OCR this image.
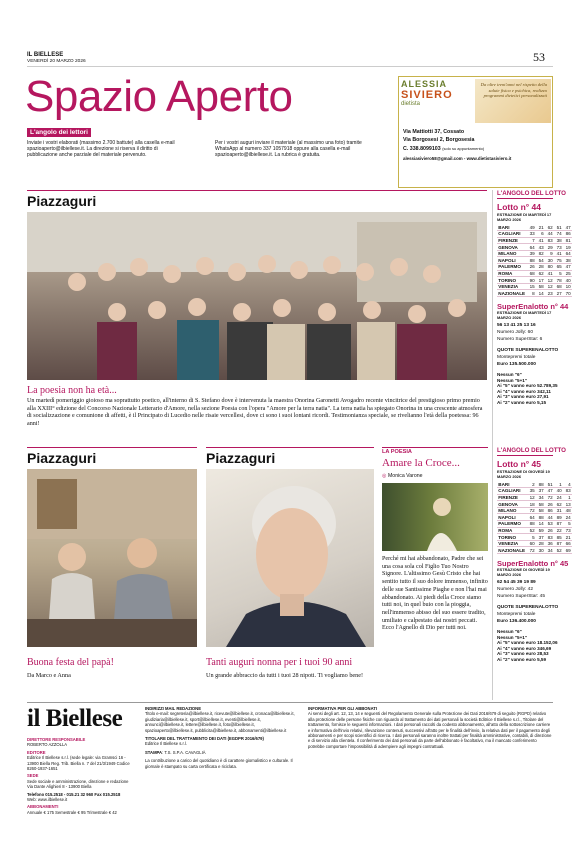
IL BIELLESE
VENERDÌ 20 MARZO 2026	53
Spazio Aperto
L'angolo dei lettori
Inviate i vostri elaborati (massimo 2.700 battute) alla casella e-mail spazioaperto@ilbiellese.it. La direzione si riserva il diritto di pubblicazione anche parziale del materiale pervenuto.
Per i vostri auguri inviare il materiale (al massimo una foto) tramite WhatsApp al numero 337 1057918 oppure alla casella e-mail spazioaperto@ilbiellese.it. La rubrica è gratuita.
ALESSIA
SIVIERO
dietista
Da oltre trent'anni nel rispetto della salute fisica e psichica, realizzo programmi dietetici personalizzati
Via Mattiotti 37, Cossato
Via Borgosesi 2, Borgosesia
C. 338.8099103 (solo su appuntamento)
alessiasiviero58@gmail.com - www.dietistasiviero.it
Piazzaguri
La poesia non ha età...
Un martedì pomeriggio gioioso ma soprattutto poetico, all'interno di S. Stefano dove è intervenuta la maestra Onorina Garonetti Avogadro recente vincitrice del prestigioso primo premio alla XXIII° edizione del Concorso Nazionale Letterario d'Amore, nella sezione Poesia con l'opera "Amore per la terra natia". La terra natia ha spiegato Onorina in una crescente atmosfera di socializzazione e comunione di affetti, è il Principato di Lucedio nelle risaie vercellesi, dove ci sono i suoi lontani ricordi. Testimonianza speciale, se rivelianno l'età della poetessa: 96 anni!
Piazzaguri
Buona festa del papà!
Da Marco e Anna
Piazzaguri
Tanti auguri nonna per i tuoi 90 anni
Un grande abbraccio da tutti i tuoi 28 nipoti. Ti vogliamo bene!
LA POESIA
Amare la Croce...
◎ Monica Varone
Perché mi hai abbandonato, Padre che sei una cosa sola col Figlio Tuo Nostro Signore. L'altissimo Gesù Cristo che hai sentito tutto il suo dolore immenso, infinito delle sue Santissime Piaghe e non l'hai mai abbandonato. Ai piedi della Croce siamo tutti noi, in quel buio con la pioggia, nell'immenso abisso del suo essere tradito, umiliato e calpestato dai nostri peccati. Ecco l'Agnello di Dio per tutti noi.
L'ANGOLO DEL LOTTO
Lotto n° 44
ESTRAZIONE DI MARTEDÌ 17 MARZO 2026
BARI	49	21	62	51	47
CAGLIARI	33	6	44	74	86
FIRENZE	7	41	83	38	81
GENOVA	64	43	29	73	19
MILANO	39	82	9	41	64
NAPOLI	88	54	30	75	38
PALERMO	26	28	80	65	47
ROMA	68	62	41	5	25
TORINO	90	17	12	78	40
VENEZIA	15	58	12	68	10
NAZIONALE	8	14	23	27	70
SuperEnalotto n° 44
ESTRAZIONE DI MARTEDÌ 17 MARZO 2026
56 13 41 25 13 16
Numero Jolly: 60
Numero SuperStar: 6
QUOTE SUPERENALOTTO
Montepremi totale
Euro 135.500.000
Nessun "6"
Nessun "5+1"
Ai "5" vanno euro 52.789,35
Ai "4" vanno euro 342,11
Ai "3" vanno euro 27,91
Ai "2" vanno euro 5,15
L'ANGOLO DEL LOTTO
Lotto n° 45
ESTRAZIONE DI GIOVEDÌ 19 MARZO 2026
BARI	2	88	51	1	4
CAGLIARI	35	37	47	40	83
FIRENZE	12	34	72	24	1
GENOVA	18	58	26	62	13
MILANO	72	58	86	31	48
NAPOLI	64	88	44	89	24
PALERMO	88	14	53	87	5
ROMA	52	59	26	22	73
TORINO	5	37	83	85	21
VENEZIA	60	28	36	87	66
NAZIONALE	72	30	34	52	69
SuperEnalotto n° 45
ESTRAZIONE DI GIOVEDÌ 19 MARZO 2026
62 54 45 39 19 89
Numero Jolly: 42
Numero SuperStar: 45
QUOTE SUPERENALOTTO
Montepremi totale
Euro 136.400.000
Nessun "6"
Nessun "5+1"
Ai "5" vanno euro 18.152,06
Ai "4" vanno euro 346,69
Ai "3" vanno euro 28,53
Ai "2" vanno euro 5,59
il Biellese
DIRETTORE RESPONSABILE
ROBERTO AZZOLLA
EDITORE
Editrice Il Biellese s.r.l. (sede legale: via Gramsci 16 - 13900 Biella Reg. Trib. Biella n. 7 del 21/3/1949 Codice 8260-1937-1651
SEDE
Sede sociale e amministrazione, direzione e redazione Via Dante Alighieri 8 - 13900 Biella
Telefono 015.2518 - 015.21 32 960 Fax 015.2518
Web: www.ilbiellese.it
ABBONAMENTI
Annuale € 175 Semestrale € 95 Trimestrale € 42
INDIRIZZI MAIL REDAZIONE
Titolo e-mail: segreteria@ilbiellese.it, ricevute@ilbiellese.it, cronaca@ilbiellese.it, giudiziaria@ilbiellese.it, sport@ilbiellese.it, eventi@ilbiellese.it, annunci@ilbiellese.it, lettere@ilbiellese.it, foto@ilbiellese.it, spazioaperto@ilbiellese.it, pubblicita@ilbiellese.it, abbonamenti@ilbiellese.it
TITOLARE DEL TRATTAMENTO DEI DATI (EGDPR 2016/679)
Editrice Il Biellese s.r.l.
STAMPA: T.S. S.P.A. CAVAGLIÀ
La contribuzione a carico del quotidiano è di carattere giornalistico e culturale. Il giornale è stampato su carta certificata e riciclata.
INFORMATIVA PER GLI ABBONATI
Ai sensi degli art. 12, 13, 14 e seguenti del Regolamento Generale sulla Protezione dei Dati 2016/679 di seguito (RGPD) relativo alla protezione delle persone fisiche con riguardo al trattamento dei dati personali la società Editrice Il Biellese s.r.l., Titolare del trattamento, fornisce le seguenti informazioni. I dati personali raccolti da codesto abbonamento, all'atto della sottoscrizione carriere e informativa dell'invio relativi, rilevazione contenuti, successivi all'atto per le finalità dell'invio, la relativa dati per il pagamento degli abbonamenti e per scopi scientifici di ricerca. I dati personali saranno inoltre trattati per finalità amministrative, contabili, di direzione e di servizio alla clientela. Il conferimento dei dati personali da parte dell'abbonato è facoltativo, ma il mancato conferimento potrebbe comportare l'impossibilità di adempiere agli impegni contrattuali.
